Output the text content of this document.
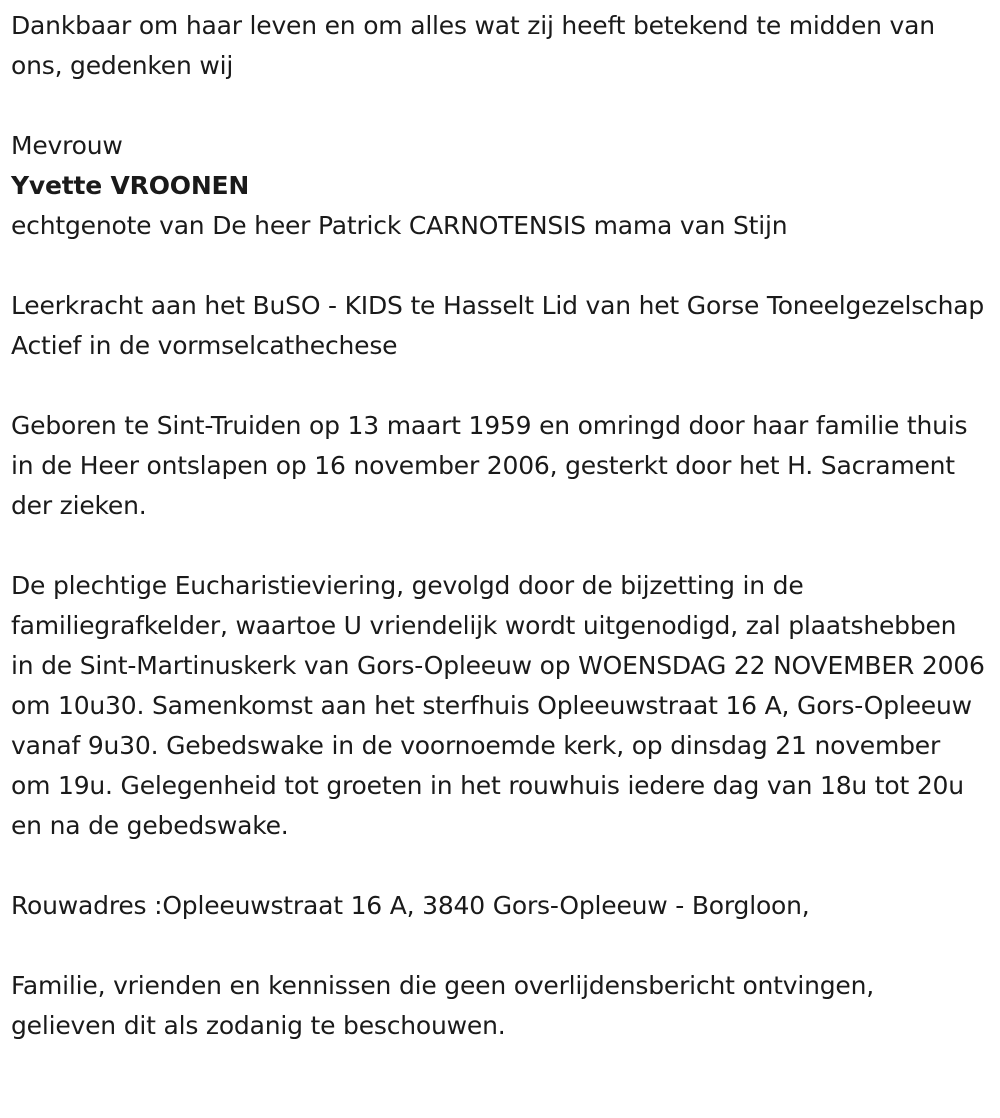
Dankbaar om haar leven en om alles wat zij heeft betekend te midden van ons, gedenken wij

Mevrouw

Yvette VROONEN

echtgenote van De heer Patrick CARNOTENSIS mama van Stijn

Leerkracht aan het BuSO - KIDS te Hasselt Lid van het Gorse Toneelgezelschap Actief in de vormselcathechese

Geboren te Sint-Truiden op 13 maart 1959 en omringd door haar familie thuis in de Heer ontslapen op 16 november 2006, gesterkt door het H. Sacrament der zieken.

De plechtige Eucharistieviering, gevolgd door de bijzetting in de familiegrafkelder, waartoe U vriendelijk wordt uitgenodigd, zal plaatshebben in de Sint-Martinuskerk van Gors-Opleeuw op WOENSDAG 22 NOVEMBER 2006 om 10u30. Samenkomst aan het sterfhuis Opleeuwstraat 16 A, Gors-Opleeuw vanaf 9u30. Gebedswake in de voornoemde kerk, op dinsdag 21 november om 19u. Gelegenheid tot groeten in het rouwhuis iedere dag van 18u tot 20u en na de gebedswake.

Rouwadres :Opleeuwstraat 16 A, 3840 Gors-Opleeuw - Borgloon,

Familie, vrienden en kennissen die geen overlijdensbericht ontvingen, gelieven dit als zodanig te beschouwen.
